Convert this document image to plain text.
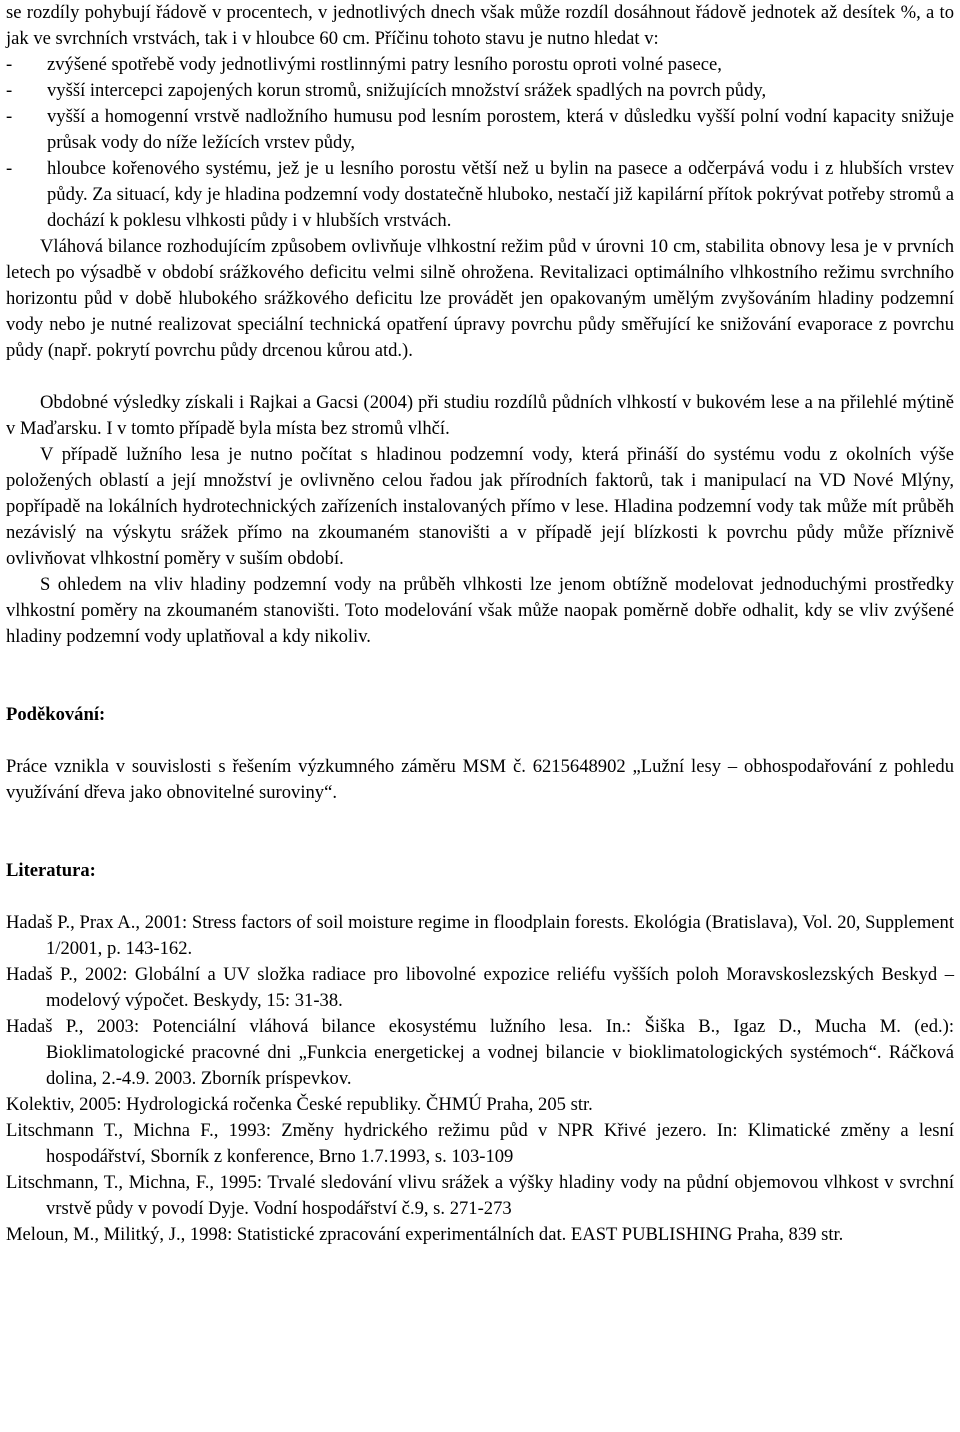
se rozdíly pohybují řádově v procentech, v jednotlivých dnech však může rozdíl dosáhnout řádově jednotek až desítek %, a to jak ve svrchních vrstvách, tak i v hloubce 60 cm. Příčinu tohoto stavu je nutno hledat v:

- zvýšené spotřebě vody jednotlivými rostlinnými patry lesního porostu oproti volné pasece,
- vyšší intercepci zapojených korun stromů, snižujících množství srážek spadlých na povrch půdy,
- vyšší a homogenní vrstvě nadložního humusu pod lesním porostem, která v důsledku vyšší polní vodní kapacity snižuje průsak vody do níže ležících vrstev půdy,
- hloubce kořenového systému, jež je u lesního porostu větší než u bylin na pasece a odčerpává vodu i z hlubších vrstev půdy. Za situací, kdy je hladina podzemní vody dostatečně hluboko, nestačí již kapilární přítok pokrývat potřeby stromů a dochází k poklesu vlhkosti půdy i v hlubších vrstvách.

Vláhová bilance rozhodujícím způsobem ovlivňuje vlhkostní režim půd v úrovni 10 cm, stabilita obnovy lesa je v prvních letech po výsadbě v období srážkového deficitu velmi silně ohrožena. Revitalizaci optimálního vlhkostního režimu svrchního horizontu půd v době hlubokého srážkového deficitu lze provádět jen opakovaným umělým zvyšováním hladiny podzemní vody nebo je nutné realizovat speciální technická opatření úpravy povrchu půdy směřující ke snižování evaporace z povrchu půdy (např. pokrytí povrchu půdy drcenou kůrou atd.).

Obdobné výsledky získali i Rajkai a Gacsi (2004) při studiu rozdílů půdních vlhkostí v bukovém lese a na přilehlé mýtině v Maďarsku. I v tomto případě byla místa bez stromů vlhčí.

V případě lužního lesa je nutno počítat s hladinou podzemní vody, která přináší do systému vodu z okolních výše položených oblastí a její množství je ovlivněno celou řadou jak přírodních faktorů, tak i manipulací na VD Nové Mlýny, popřípadě na lokálních hydrotechnických zařízeních instalovaných přímo v lese. Hladina podzemní vody tak může mít průběh nezávislý na výskytu srážek přímo na zkoumaném stanovišti a v případě její blízkosti k povrchu půdy může příznivě ovlivňovat vlhkostní poměry v suším období.

S ohledem na vliv hladiny podzemní vody na průběh vlhkosti lze jenom obtížně modelovat jednoduchými prostředky vlhkostní poměry na zkoumaném stanovišti. Toto modelování však může naopak poměrně dobře odhalit, kdy se vliv zvýšené hladiny podzemní vody uplatňoval a kdy nikoliv.

Poděkování:

Práce vznikla v souvislosti s řešením výzkumného záměru MSM č. 6215648902 „Lužní lesy – obhospodařování z pohledu využívání dřeva jako obnovitelné suroviny“.

Literatura:

Hadaš P., Prax A., 2001: Stress factors of soil moisture regime in floodplain forests. Ekológia (Bratislava), Vol. 20, Supplement 1/2001, p. 143-162.

Hadaš P., 2002: Globální a UV složka radiace pro libovolné expozice reliéfu vyšších poloh Moravskoslezských Beskyd – modelový výpočet. Beskydy, 15: 31-38.

Hadaš P., 2003: Potenciální vláhová bilance ekosystému lužního lesa. In.: Šiška B., Igaz D., Mucha M. (ed.): Bioklimatologické pracovné dni „Funkcia energetickej a vodnej bilancie v bioklimatologických systémoch“. Ráčková dolina, 2.-4.9. 2003. Zborník príspevkov.

Kolektiv, 2005: Hydrologická ročenka České republiky. ČHMÚ Praha, 205 str.

Litschmann T., Michna F., 1993: Změny hydrického režimu půd v NPR Křivé jezero. In: Klimatické změny a lesní hospodářství, Sborník z konference, Brno 1.7.1993, s. 103-109

Litschmann, T., Michna, F., 1995: Trvalé sledování vlivu srážek a výšky hladiny vody na půdní objemovou vlhkost v svrchní vrstvě půdy v povodí Dyje. Vodní hospodářství č.9, s. 271-273

Meloun, M., Militký, J., 1998: Statistické zpracování experimentálních dat. EAST PUBLISHING Praha, 839 str.
